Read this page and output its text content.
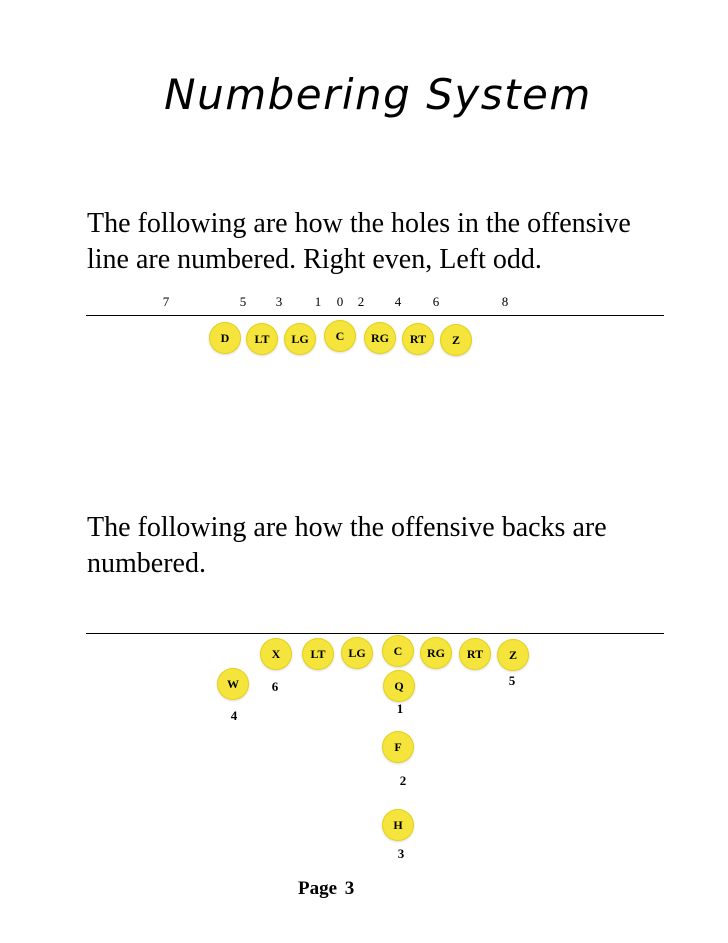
Numbering System
The following are how the holes in the offensive line are numbered. Right even, Left odd.
7	5 3	1 0 2 4 6	8
D LT LG C RG RT Z
The following are how the offensive backs are numbered.
X	LT LG C RG RT Z
6	5
W
4
Q
1
F
2
H
3
Page 3
